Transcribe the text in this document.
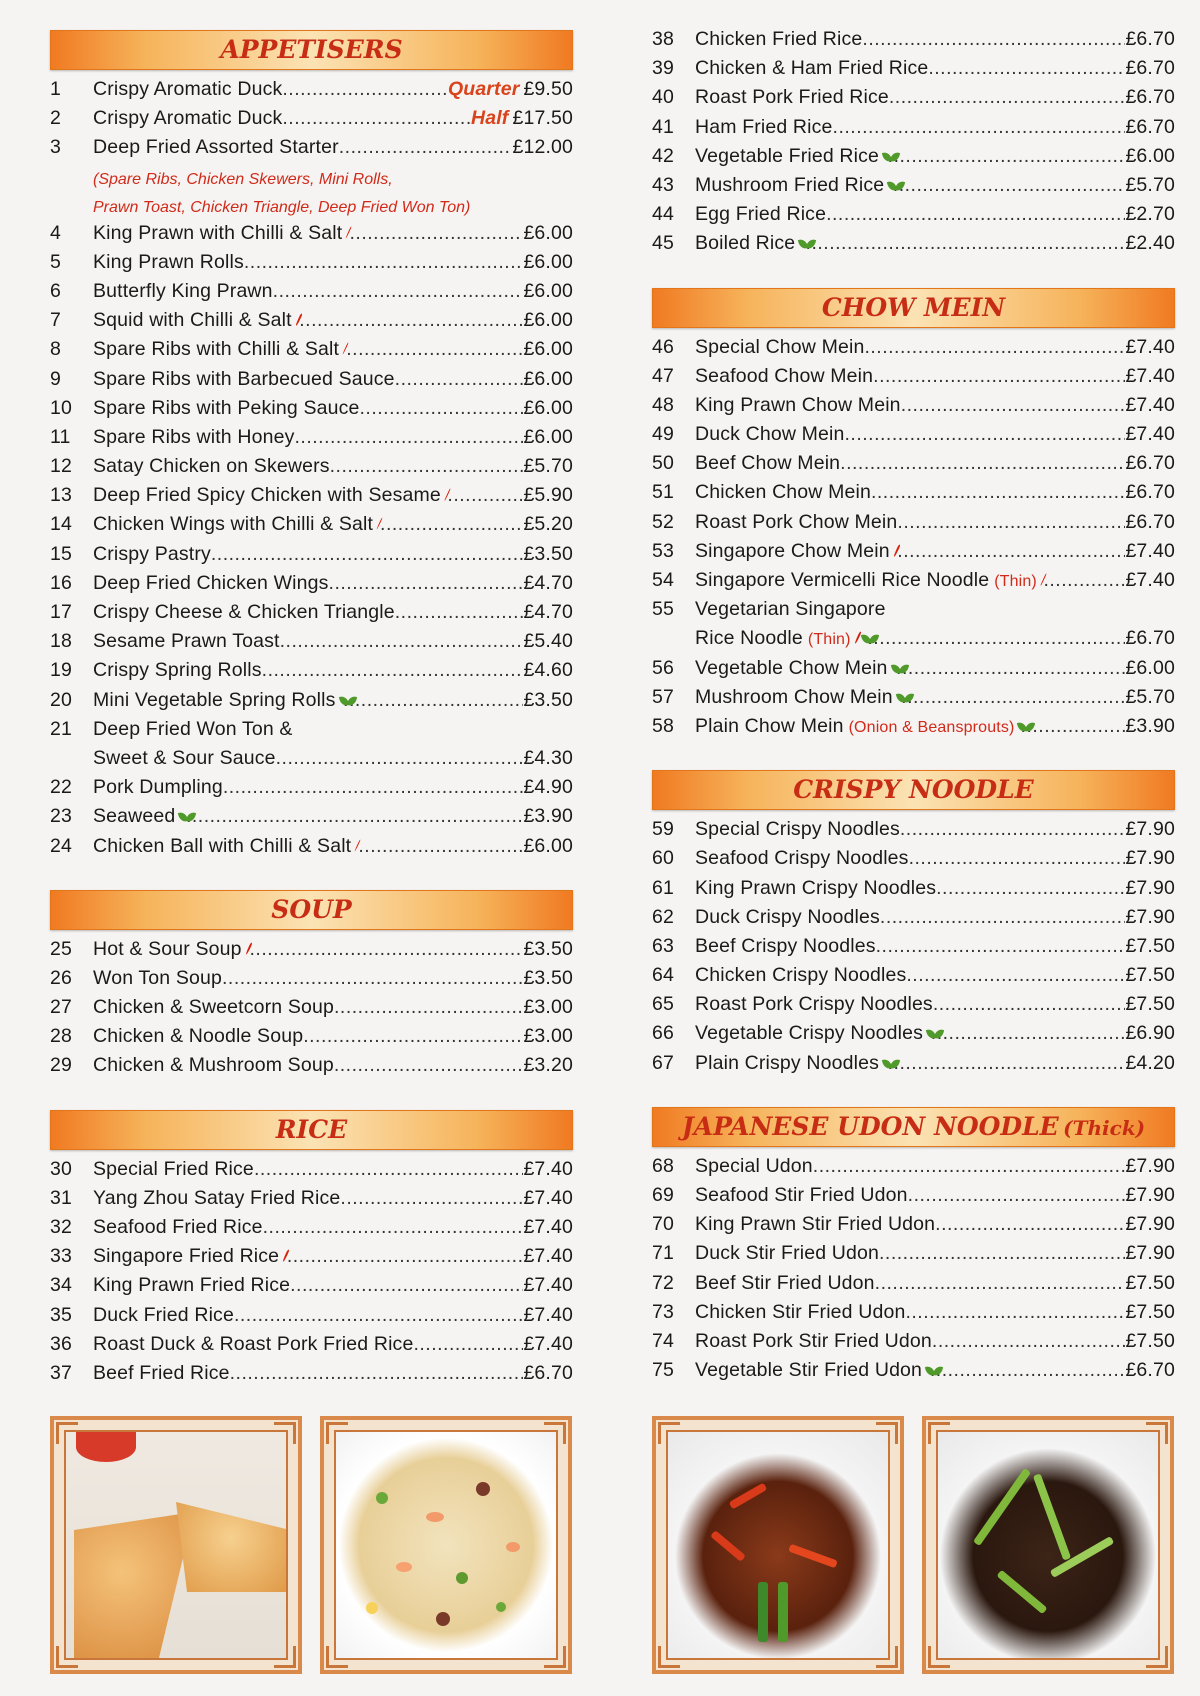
APPETISERS
1	Crispy Aromatic Duck .....	Quarter £9.50
2	Crispy Aromatic Duck .....	Half £17.50
3	Deep Fried Assorted Starter .....	£12.00
(Spare Ribs, Chicken Skewers, Mini Rolls,
Prawn Toast, Chicken Triangle, Deep Fried Won Ton)
4	King Prawn with Chilli & Salt .....	£6.00
5	King Prawn Rolls .....	£6.00
6	Butterfly King Prawn .....	£6.00
7	Squid with Chilli & Salt .....	£6.00
8	Spare Ribs with Chilli & Salt .....	£6.00
9	Spare Ribs with Barbecued Sauce .....	£6.00
10	Spare Ribs with Peking Sauce .....	£6.00
11	Spare Ribs with Honey .....	£6.00
12	Satay Chicken on Skewers .....	£5.70
13	Deep Fried Spicy Chicken with Sesame .....	£5.90
14	Chicken Wings with Chilli & Salt .....	£5.20
15	Crispy Pastry .....	£3.50
16	Deep Fried Chicken Wings .....	£4.70
17	Crispy Cheese & Chicken Triangle .....	£4.70
18	Sesame Prawn Toast .....	£5.40
19	Crispy Spring Rolls .....	£4.60
20	Mini Vegetable Spring Rolls .....	£3.50
21	Deep Fried Won Ton &
Sweet & Sour Sauce .....	£4.30
22	Pork Dumpling .....	£4.90
23	Seaweed .....	£3.90
24	Chicken Ball with Chilli & Salt .....	£6.00
SOUP
25	Hot & Sour Soup .....	£3.50
26	Won Ton Soup .....	£3.50
27	Chicken & Sweetcorn Soup .....	£3.00
28	Chicken & Noodle Soup .....	£3.00
29	Chicken & Mushroom Soup .....	£3.20
RICE
30	Special Fried Rice .....	£7.40
31	Yang Zhou Satay Fried Rice .....	£7.40
32	Seafood Fried Rice .....	£7.40
33	Singapore Fried Rice .....	£7.40
34	King Prawn Fried Rice .....	£7.40
35	Duck Fried Rice .....	£7.40
36	Roast Duck & Roast Pork Fried Rice .....	£7.40
37	Beef Fried Rice .....	£6.70
38	Chicken Fried Rice .....	£6.70
39	Chicken & Ham Fried Rice .....	£6.70
40	Roast Pork Fried Rice .....	£6.70
41	Ham Fried Rice .....	£6.70
42	Vegetable Fried Rice .....	£6.00
43	Mushroom Fried Rice .....	£5.70
44	Egg Fried Rice .....	£2.70
45	Boiled Rice .....	£2.40
CHOW MEIN
46	Special Chow Mein .....	£7.40
47	Seafood Chow Mein .....	£7.40
48	King Prawn Chow Mein .....	£7.40
49	Duck Chow Mein .....	£7.40
50	Beef Chow Mein .....	£6.70
51	Chicken Chow Mein .....	£6.70
52	Roast Pork Chow Mein .....	£6.70
53	Singapore Chow Mein .....	£7.40
54	Singapore Vermicelli Rice Noodle (Thin) .....	£7.40
55	Vegetarian Singapore
Rice Noodle (Thin) .....	£6.70
56	Vegetable Chow Mein .....	£6.00
57	Mushroom Chow Mein .....	£5.70
58	Plain Chow Mein (Onion & Beansprouts) .....	£3.90
CRISPY NOODLE
59	Special Crispy Noodles .....	£7.90
60	Seafood Crispy Noodles .....	£7.90
61	King Prawn Crispy Noodles .....	£7.90
62	Duck Crispy Noodles .....	£7.90
63	Beef Crispy Noodles .....	£7.50
64	Chicken Crispy Noodles .....	£7.50
65	Roast Pork Crispy Noodles .....	£7.50
66	Vegetable Crispy Noodles .....	£6.90
67	Plain Crispy Noodles .....	£4.20
JAPANESE UDON NOODLE (Thick)
68	Special Udon .....	£7.90
69	Seafood Stir Fried Udon .....	£7.90
70	King Prawn Stir Fried Udon .....	£7.90
71	Duck Stir Fried Udon .....	£7.90
72	Beef Stir Fried Udon .....	£7.50
73	Chicken Stir Fried Udon .....	£7.50
74	Roast Pork Stir Fried Udon .....	£7.50
75	Vegetable Stir Fried Udon .....	£6.70
